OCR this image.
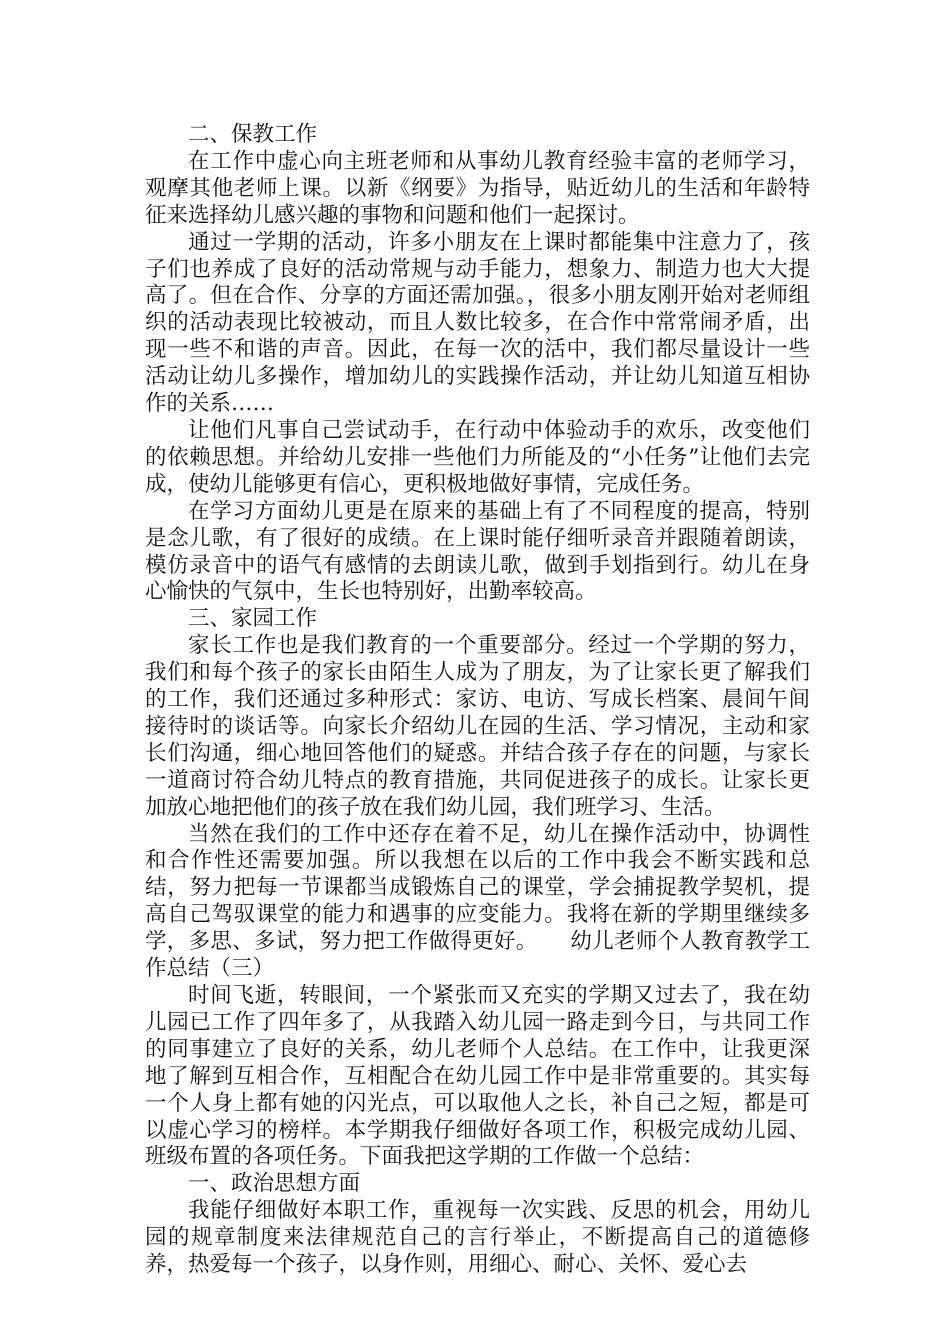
二、保教工作

在工作中虚心向主班老师和从事幼儿教育经验丰富的老师学习，观摩其他老师上课。以新《纲要》为指导，贴近幼儿的生活和年龄特征来选择幼儿感兴趣的事物和问题和他们一起探讨。

通过一学期的活动，许多小朋友在上课时都能集中注意力了，孩子们也养成了良好的活动常规与动手能力，想象力、制造力也大大提高了。但在合作、分享的方面还需加强。，很多小朋友刚开始对老师组织的活动表现比较被动，而且人数比较多，在合作中常常闹矛盾，出现一些不和谐的声音。因此，在每一次的活中，我们都尽量设计一些活动让幼儿多操作，增加幼儿的实践操作活动，并让幼儿知道互相协作的关系……

让他们凡事自己尝试动手，在行动中体验动手的欢乐，改变他们的依赖思想。并给幼儿安排一些他们力所能及的“小任务”让他们去完成，使幼儿能够更有信心，更积极地做好事情，完成任务。

在学习方面幼儿更是在原来的基础上有了不同程度的提高，特别是念儿歌，有了很好的成绩。在上课时能仔细听录音并跟随着朗读，模仿录音中的语气有感情的去朗读儿歌，做到手划指到行。幼儿在身心愉快的气氛中，生长也特别好，出勤率较高。

三、家园工作

家长工作也是我们教育的一个重要部分。经过一个学期的努力，我们和每个孩子的家长由陌生人成为了朋友，为了让家长更了解我们的工作，我们还通过多种形式：家访、电访、写成长档案、晨间午间接待时的谈话等。向家长介绍幼儿在园的生活、学习情况，主动和家长们沟通，细心地回答他们的疑惑。并结合孩子存在的问题，与家长一道商讨符合幼儿特点的教育措施，共同促进孩子的成长。让家长更加放心地把他们的孩子放在我们幼儿园，我们班学习、生活。

当然在我们的工作中还存在着不足，幼儿在操作活动中，协调性和合作性还需要加强。所以我想在以后的工作中我会不断实践和总结，努力把每一节课都当成锻炼自己的课堂，学会捕捉教学契机，提高自己驾驭课堂的能力和遇事的应变能力。我将在新的学期里继续多学，多思、多试，努力把工作做得更好。　　幼儿老师个人教育教学工作总结（三）

时间飞逝，转眼间，一个紧张而又充实的学期又过去了，我在幼儿园已工作了四年多了，从我踏入幼儿园一路走到今日，与共同工作的同事建立了良好的关系，幼儿老师个人总结。在工作中，让我更深地了解到互相合作，互相配合在幼儿园工作中是非常重要的。其实每一个人身上都有她的闪光点，可以取他人之长，补自己之短，都是可以虚心学习的榜样。本学期我仔细做好各项工作，积极完成幼儿园、班级布置的各项任务。下面我把这学期的工作做一个总结：

一、政治思想方面

我能仔细做好本职工作，重视每一次实践、反思的机会，用幼儿园的规章制度来法律规范自己的言行举止，不断提高自己的道德修养，热爱每一个孩子，以身作则，用细心、耐心、关怀、爱心去
